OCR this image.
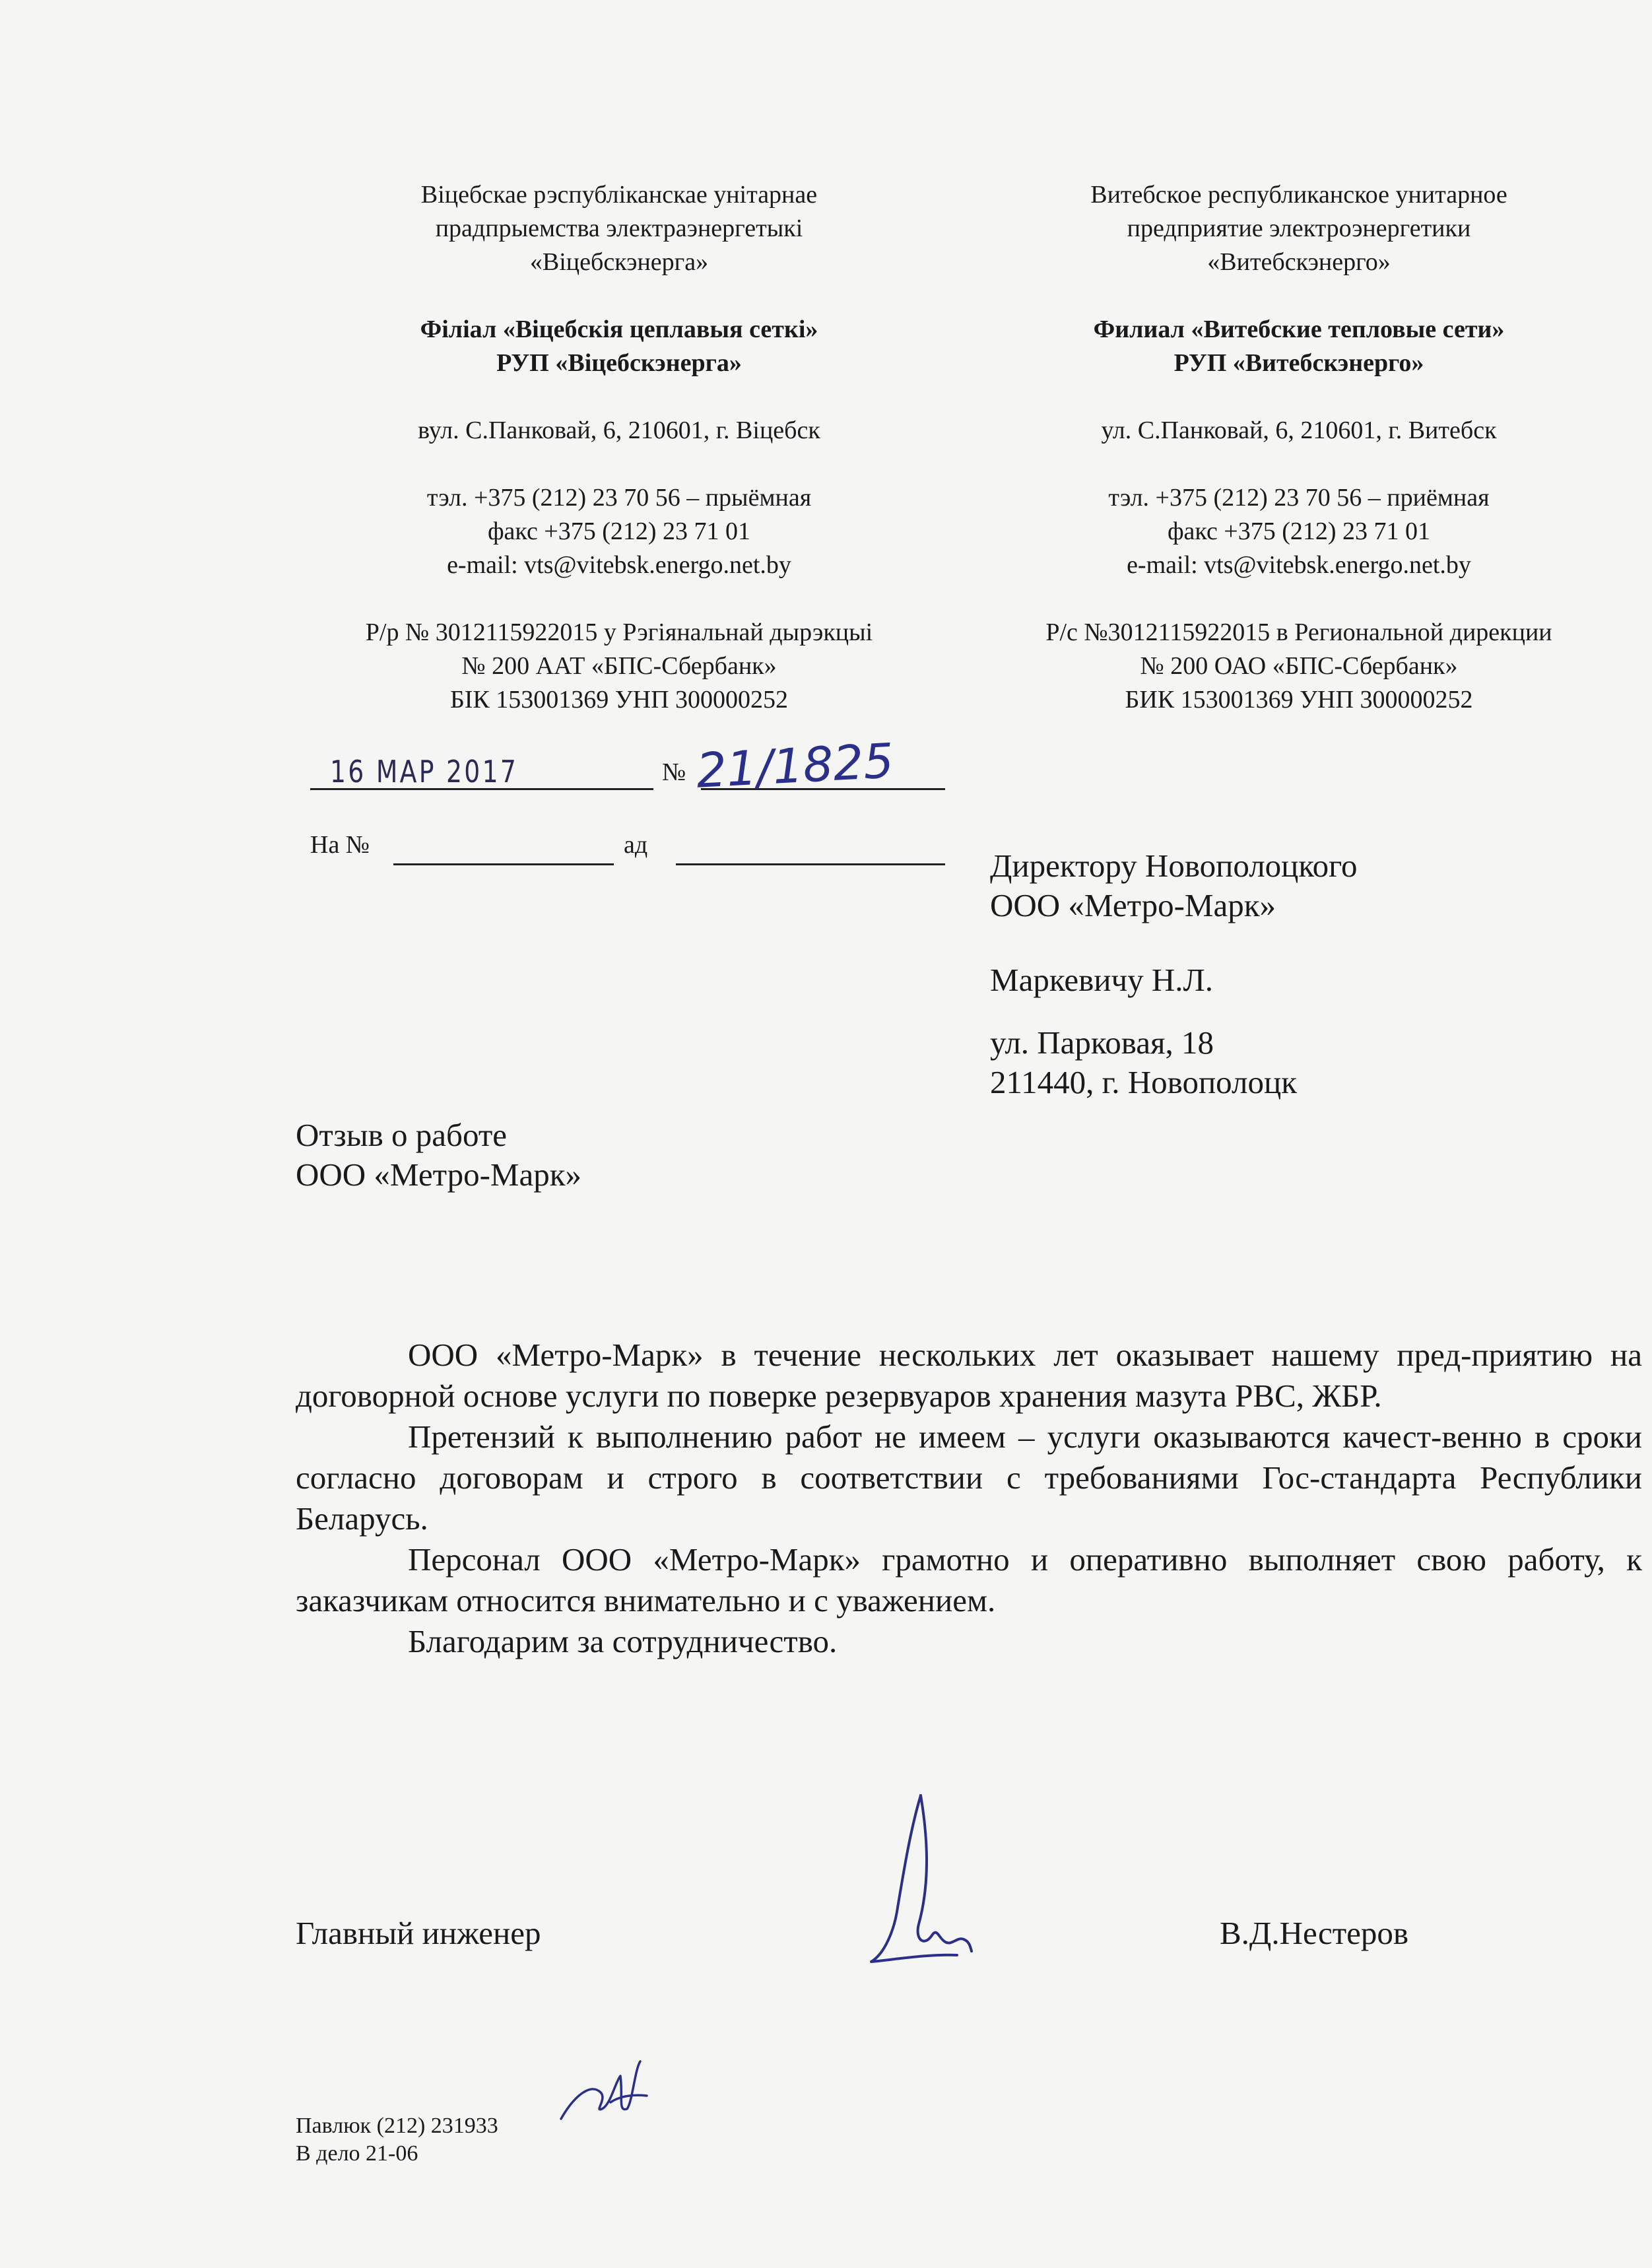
Віцебскае рэспубліканскае унітарнае

прадпрыемства электраэнергетыкі

«Віцебскэнерга»

Філіал «Віцебскія цеплавыя сеткі»

РУП «Віцебскэнерга»

вул. С.Панковай, 6, 210601, г. Віцебск

тэл. +375 (212) 23 70 56 – прыёмная

факс +375 (212) 23 71 01

e-mail: vts@vitebsk.energo.net.by

Р/р № 3012115922015 у Рэгіянальнай дырэкцыі

№ 200 ААТ «БПС-Сбербанк»

БІК 153001369 УНП 300000252

Витебское республиканское унитарное

предприятие электроэнергетики

«Витебскэнерго»

Филиал «Витебские тепловые сети»

РУП «Витебскэнерго»

ул. С.Панковай, 6, 210601, г. Витебск

тэл. +375 (212) 23 70 56 – приёмная

факс +375 (212) 23 71 01

e-mail: vts@vitebsk.energo.net.by

Р/с №3012115922015 в Региональной дирекции

№ 200 ОАО «БПС-Сбербанк»

БИК 153001369 УНП 300000252

16 МАР 2017	№ 21/1825
На №	ад

Директору Новополоцкого

ООО «Метро-Марк»

Маркевичу Н.Л.

ул. Парковая, 18

211440, г. Новополоцк

Отзыв о работе

ООО «Метро-Марк»

ООО «Метро-Марк» в течение нескольких лет оказывает нашему пред-приятию на договорной основе услуги по поверке резервуаров хранения мазута РВС, ЖБР.

Претензий к выполнению работ не имеем – услуги оказываются качест-венно в сроки согласно договорам и строго в соответствии с требованиями Гос-стандарта Республики Беларусь.

Персонал ООО «Метро-Марк» грамотно и оперативно выполняет свою работу, к заказчикам относится внимательно и с уважением.

Благодарим за сотрудничество.

Главный инженер	В.Д.Нестеров

Павлюк (212) 231933

В дело 21-06
